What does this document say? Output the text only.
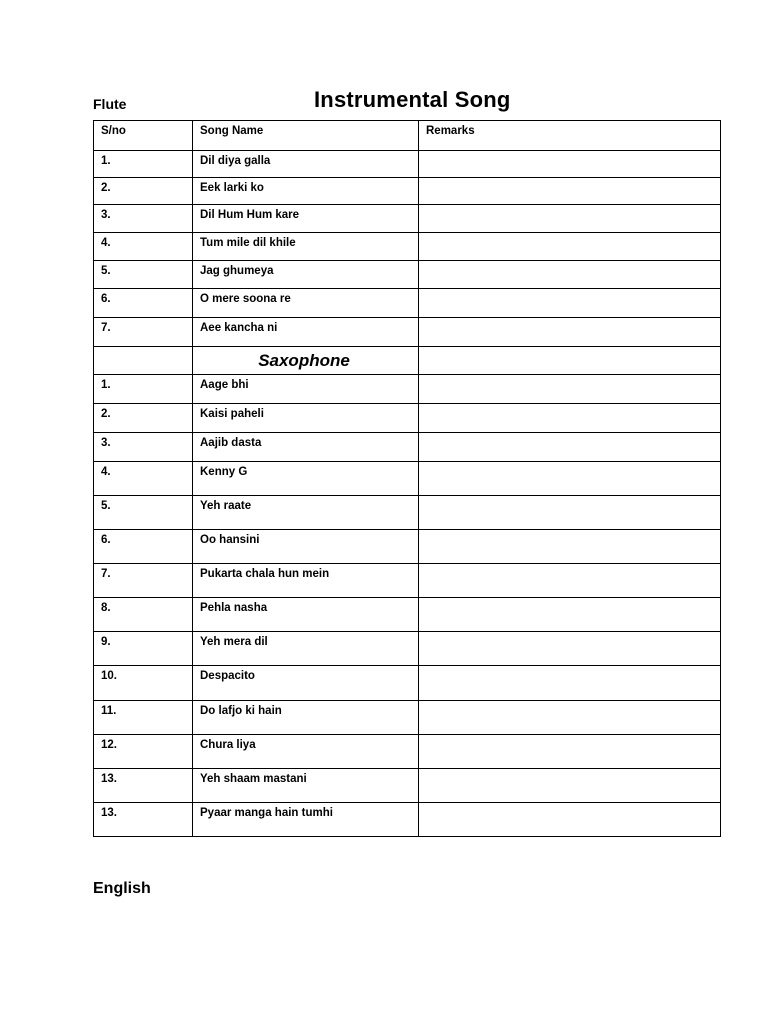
Flute	Instrumental Song
S/no	Song Name	Remarks

1.	Dil diya galla	

2.	Eek larki ko	

3.	Dil Hum Hum kare	

4.	Tum mile dil khile	

5.	Jag ghumeya	

6.	O mere soona re	

7.	Aee kancha ni	

	Saxophone	

1.	Aage bhi	

2.	Kaisi paheli	

3.	Aajib dasta	

4.	Kenny G	

5.	Yeh raate	

6.	Oo hansini	

7.	Pukarta chala hun mein	

8.	Pehla nasha	

9.	Yeh mera dil	

10.	Despacito	

11.	Do lafjo ki hain	

12.	Chura liya	

13.	Yeh shaam mastani	

13.	Pyaar manga hain tumhi	

English
